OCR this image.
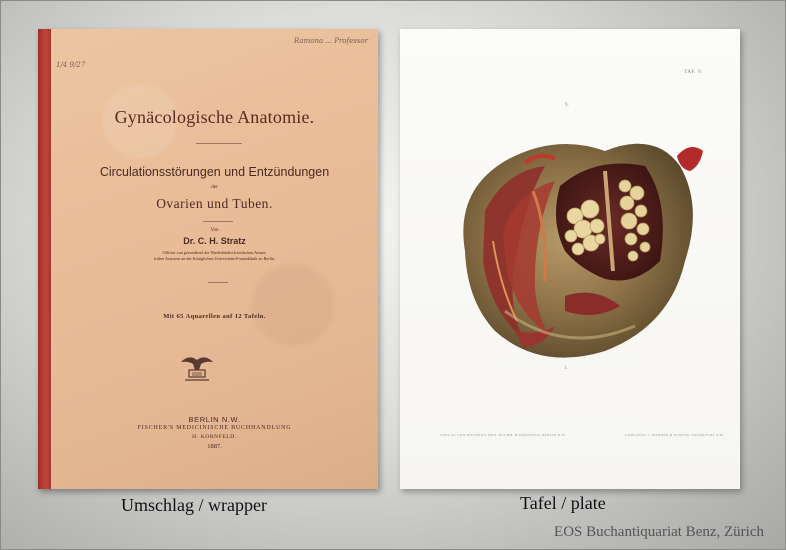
1/4 9/27
Ramona ... Professor
Gynäcologische Anatomie.
Circulationsstörungen und Entzündungen
der
Ovarien und Tuben.
Von
Dr. C. H. Stratz
Officier van gezondheid der Niederländisch-indischen Armee,
früher Assistent an der Königlichen Universitäts-Frauenklinik zu Berlin.
Mit 65 Aquarellen auf 12 Tafeln.
BERLIN N.W.
FISCHER'S MEDICINISCHE BUCHHANDLUNG
H. KORNFELD.
1887.
TAF. V.
9.
1.
VERLAG VON FISCHER'S MED. BUCHH. H.KORNFELD, BERLIN N.W.	LITH.ANST. v. WERNER & WINTER, FRANKFURT A.M.
Umschlag / wrapper	Tafel / plate
EOS Buchantiquariat Benz, Zürich
